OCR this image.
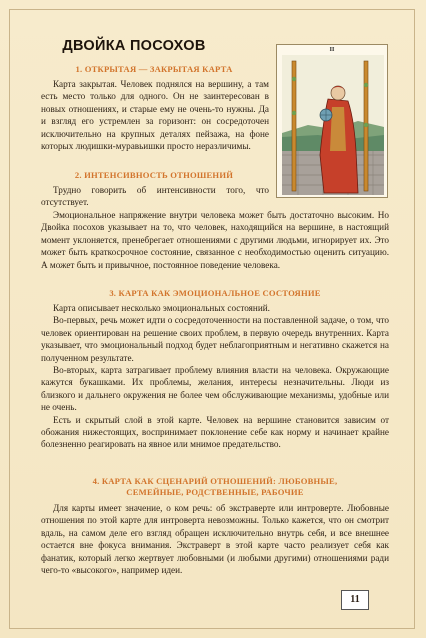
ДВОЙКА ПОСОХОВ	II
1. ОТКРЫТАЯ — ЗАКРЫТАЯ КАРТА

Карта закрытая. Человек поднялся на вершину, а там есть место только для одного. Он не заинтересован в новых отношениях, и старые ему не очень-то нужны. Да и взгляд его устремлен за горизонт: он сосредоточен исключительно на крупных деталях пейзажа, на фоне которых людишки-муравьишки просто неразличимы.

2. ИНТЕНСИВНОСТЬ ОТНОШЕНИЙ

Трудно говорить об интенсивности того, что отсутствует.

Эмоциональное напряжение внутри человека может быть достаточно высоким. Но Двойка посохов указывает на то, что человек, находящийся на вершине, в настоящий момент уклоняется, пренебрегает отношениями с другими людьми, игнорирует их. Это может быть краткосрочное состояние, связанное с необходимостью оценить ситуацию. А может быть и привычное, постоянное поведение человека.

3. КАРТА КАК ЭМОЦИОНАЛЬНОЕ СОСТОЯНИЕ

Карта описывает несколько эмоциональных состояний.

Во-первых, речь может идти о сосредоточенности на поставленной задаче, о том, что человек ориентирован на решение своих проблем, в первую очередь внутренних. Карта указывает, что эмоциональный подход будет неблагоприятным и негативно скажется на полученном результате.

Во-вторых, карта затрагивает проблему влияния власти на человека. Окружающие кажутся букашками. Их проблемы, желания, интересы незначительны. Люди из близкого и дальнего окружения не более чем обслуживающие механизмы, удобные или не очень.

Есть и скрытый слой в этой карте. Человек на вершине становится зависим от обожания нижестоящих, воспринимает поклонение себе как норму и начинает крайне болезненно реагировать на явное или мнимое предательство.

4. КАРТА КАК СЦЕНАРИЙ ОТНОШЕНИЙ: ЛЮБОВНЫЕ,
СЕМЕЙНЫЕ, РОДСТВЕННЫЕ, РАБОЧИЕ

Для карты имеет значение, о ком речь: об экстраверте или интроверте. Любовные отношения по этой карте для интроверта невозможны. Только кажется, что он смотрит вдаль, на самом деле его взгляд обращен исключительно внутрь себя, и все внешнее остается вне фокуса внимания. Экстраверт в этой карте часто реализует себя как фанатик, который легко жертвует любовными (и любыми другими) отношениями ради чего-то «высокого», например идеи.

11
